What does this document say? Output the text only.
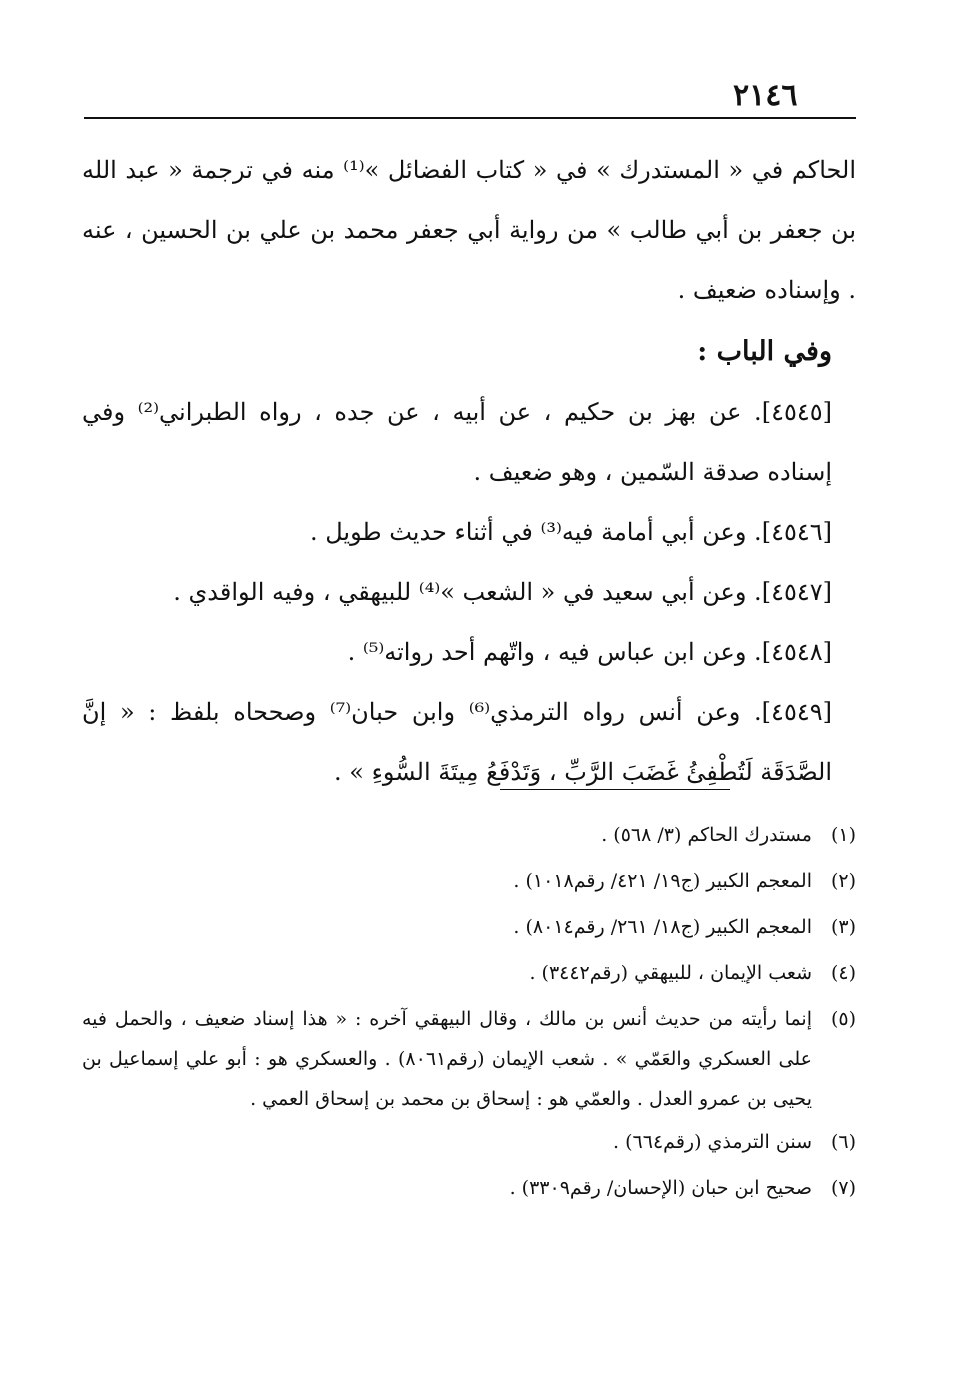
٢١٤٦

الحاكم في « المستدرك » في « كتاب الفضائل »⁽¹⁾ منه في ترجمة « عبد الله بن جعفر بن أبي طالب » من رواية أبي جعفر محمد بن علي بن الحسين ، عنه . وإسناده ضعيف .

وفي الباب :

[٤٥٤٥]. عن بهز بن حكيم ، عن أبيه ، عن جده ، رواه الطبراني⁽²⁾ وفي إسناده صدقة السّمين ، وهو ضعيف .

[٤٥٤٦]. وعن أبي أمامة فيه⁽³⁾ في أثناء حديث طويل .

[٤٥٤٧]. وعن أبي سعيد في « الشعب »⁽⁴⁾ للبيهقي ، وفيه الواقدي .

[٤٥٤٨]. وعن ابن عباس فيه ، واتّهم أحد رواته⁽⁵⁾ .

[٤٥٤٩]. وعن أنس رواه الترمذي⁽⁶⁾ وابن حبان⁽⁷⁾ وصححاه بلفظ : « إنَّ الصَّدَقَة لَتُطْفِئُ غَضَبَ الرَّبِّ ، وَتَدْفَعُ مِيتَةَ السُّوءِ » .

(١)
مستدرك الحاكم (٣/ ٥٦٨) .
(٢)
المعجم الكبير (ج١٩/ ٤٢١/ رقم١٠١٨) .
(٣)
المعجم الكبير (ج١٨/ ٢٦١/ رقم٨٠١٤) .
(٤)
شعب الإيمان ، للبيهقي (رقم٣٤٤٢) .
(٥)
إنما رأيته من حديث أنس بن مالك ، وقال البيهقي آخره : « هذا إسناد ضعيف ، والحمل فيه على العسكري والعَمّي » . شعب الإيمان (رقم٨٠٦١) . والعسكري هو : أبو علي إسماعيل بن يحيى بن عمرو العدل . والعمّي هو : إسحاق بن محمد بن إسحاق العمي .
(٦)
سنن الترمذي (رقم٦٦٤) .
(٧)
صحيح ابن حبان (الإحسان/ رقم٣٣٠٩) .
